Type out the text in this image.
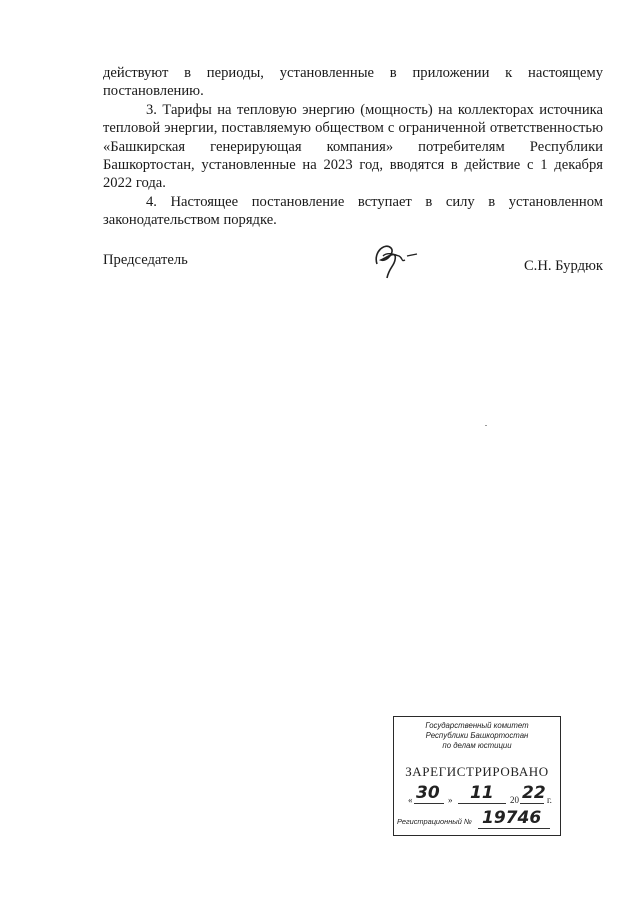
действуют в периоды, установленные в приложении к настоящему постановлению.

3. Тарифы на тепловую энергию (мощность) на коллекторах источника тепловой энергии, поставляемую обществом с ограниченной ответственностью «Башкирская генерирующая компания» потребителям Республики Башкортостан, установленные на 2023 год, вводятся в действие с 1 декабря 2022 года.

4. Настоящее постановление вступает в силу в установленном законодательством порядке.

Председатель	С.Н. Бурдюк
Государственный комитет
Республики Башкортостан
по делам юстиции
ЗАРЕГИСТРИРОВАНО
« 30 » 11 20 22 г.
Регистрационный № 19746
